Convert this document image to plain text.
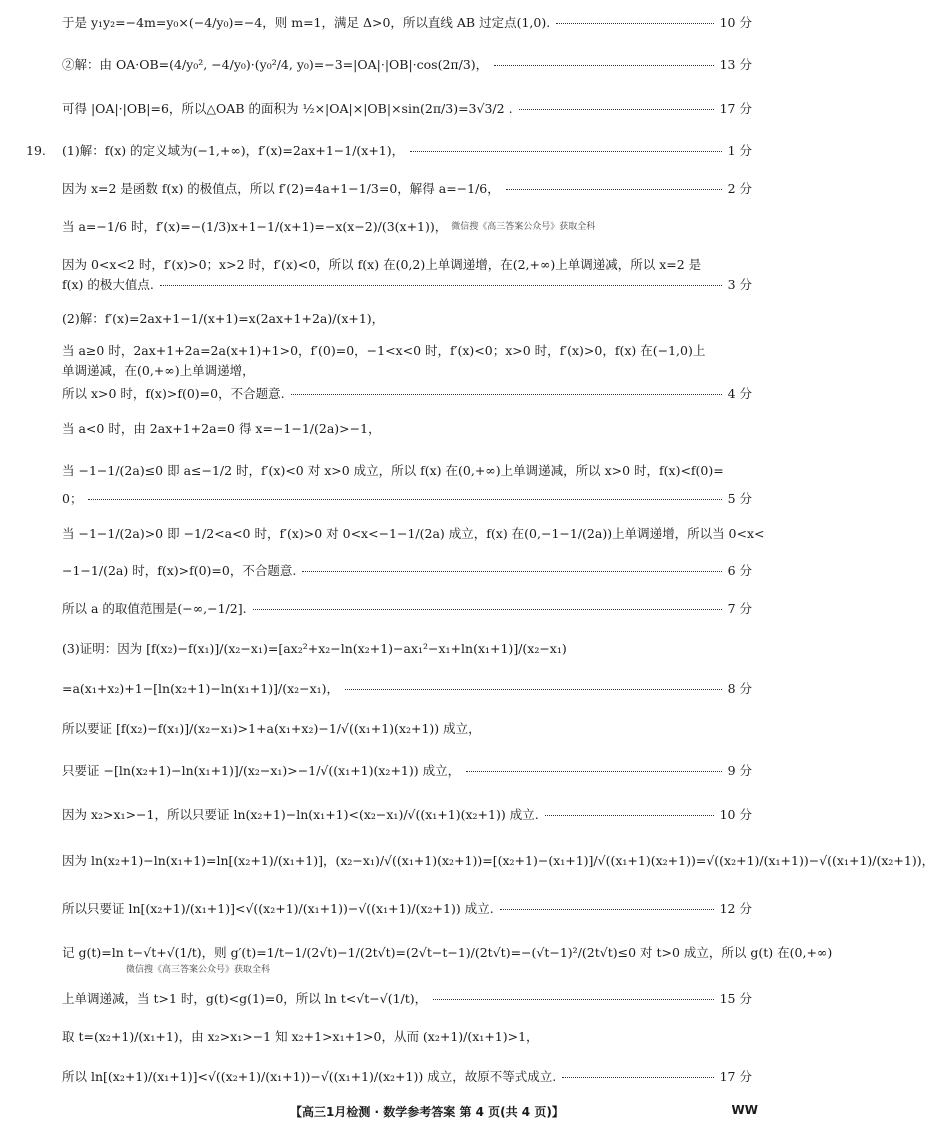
于是 y₁y₂=−4m=y₀×(−4/y₀)=−4，则 m=1，满足 Δ>0，所以直线 AB 过定点(1,0).	10 分
②解：由 OA·OB=(4/y₀², −4/y₀)·(y₀²/4, y₀)=−3=|OA|·|OB|·cos(2π/3)，	13 分
可得 |OA|·|OB|=6，所以△OAB 的面积为 ½×|OA|×|OB|×sin(2π/3)=3√3/2 .	17 分
(1)解：f(x) 的定义域为(−1,+∞)，f′(x)=2ax+1−1/(x+1)，	1 分
因为 x=2 是函数 f(x) 的极值点，所以 f′(2)=4a+1−1/3=0，解得 a=−1/6，	2 分
当 a=−1/6 时，f′(x)=−(1/3)x+1−1/(x+1)=−x(x−2)/(3(x+1))， 微信搜《高三答案公众号》获取全科
因为 0<x<2 时，f′(x)>0；x>2 时，f′(x)<0，所以 f(x) 在(0,2)上单调递增，在(2,+∞)上单调递减，所以 x=2 是
f(x) 的极大值点.	3 分
(2)解：f′(x)=2ax+1−1/(x+1)=x(2ax+1+2a)/(x+1)，
当 a≥0 时，2ax+1+2a=2a(x+1)+1>0，f′(0)=0，−1<x<0 时，f′(x)<0；x>0 时，f′(x)>0，f(x) 在(−1,0)上
单调递减，在(0,+∞)上单调递增，
所以 x>0 时，f(x)>f(0)=0，不合题意.	4 分
当 a<0 时，由 2ax+1+2a=0 得 x=−1−1/(2a)>−1，
当 −1−1/(2a)≤0 即 a≤−1/2 时，f′(x)<0 对 x>0 成立，所以 f(x) 在(0,+∞)上单调递减，所以 x>0 时，f(x)<f(0)=
0；	5 分
当 −1−1/(2a)>0 即 −1/2<a<0 时，f′(x)>0 对 0<x<−1−1/(2a) 成立，f(x) 在(0,−1−1/(2a))上单调递增，所以当 0<x<
−1−1/(2a) 时，f(x)>f(0)=0，不合题意.	6 分
所以 a 的取值范围是(−∞,−1/2].	7 分
(3)证明：因为 [f(x₂)−f(x₁)]/(x₂−x₁)=[ax₂²+x₂−ln(x₂+1)−ax₁²−x₁+ln(x₁+1)]/(x₂−x₁)
=a(x₁+x₂)+1−[ln(x₂+1)−ln(x₁+1)]/(x₂−x₁)，	8 分
所以要证 [f(x₂)−f(x₁)]/(x₂−x₁)>1+a(x₁+x₂)−1/√((x₁+1)(x₂+1)) 成立，
只要证 −[ln(x₂+1)−ln(x₁+1)]/(x₂−x₁)>−1/√((x₁+1)(x₂+1)) 成立，	9 分
因为 x₂>x₁>−1，所以只要证 ln(x₂+1)−ln(x₁+1)<(x₂−x₁)/√((x₁+1)(x₂+1)) 成立.	10 分
因为 ln(x₂+1)−ln(x₁+1)=ln[(x₂+1)/(x₁+1)]，(x₂−x₁)/√((x₁+1)(x₂+1))=[(x₂+1)−(x₁+1)]/√((x₁+1)(x₂+1))=√((x₂+1)/(x₁+1))−√((x₁+1)/(x₂+1))，
所以只要证 ln[(x₂+1)/(x₁+1)]<√((x₂+1)/(x₁+1))−√((x₁+1)/(x₂+1)) 成立.	12 分
记 g(t)=ln t−√t+√(1/t)，则 g′(t)=1/t−1/(2√t)−1/(2t√t)=(2√t−t−1)/(2t√t)=−(√t−1)²/(2t√t)≤0 对 t>0 成立，所以 g(t) 在(0,+∞)
上单调递减，当 t>1 时，g(t)<g(1)=0，所以 ln t<√t−√(1/t)，	15 分
取 t=(x₂+1)/(x₁+1)，由 x₂>x₁>−1 知 x₂+1>x₁+1>0，从而 (x₂+1)/(x₁+1)>1，
所以 ln[(x₂+1)/(x₁+1)]<√((x₂+1)/(x₁+1))−√((x₁+1)/(x₂+1)) 成立，故原不等式成立.	17 分
19.
微信搜《高三答案公众号》获取全科
【高三1月检测 · 数学参考答案 第 4 页(共 4 页)】	WW
